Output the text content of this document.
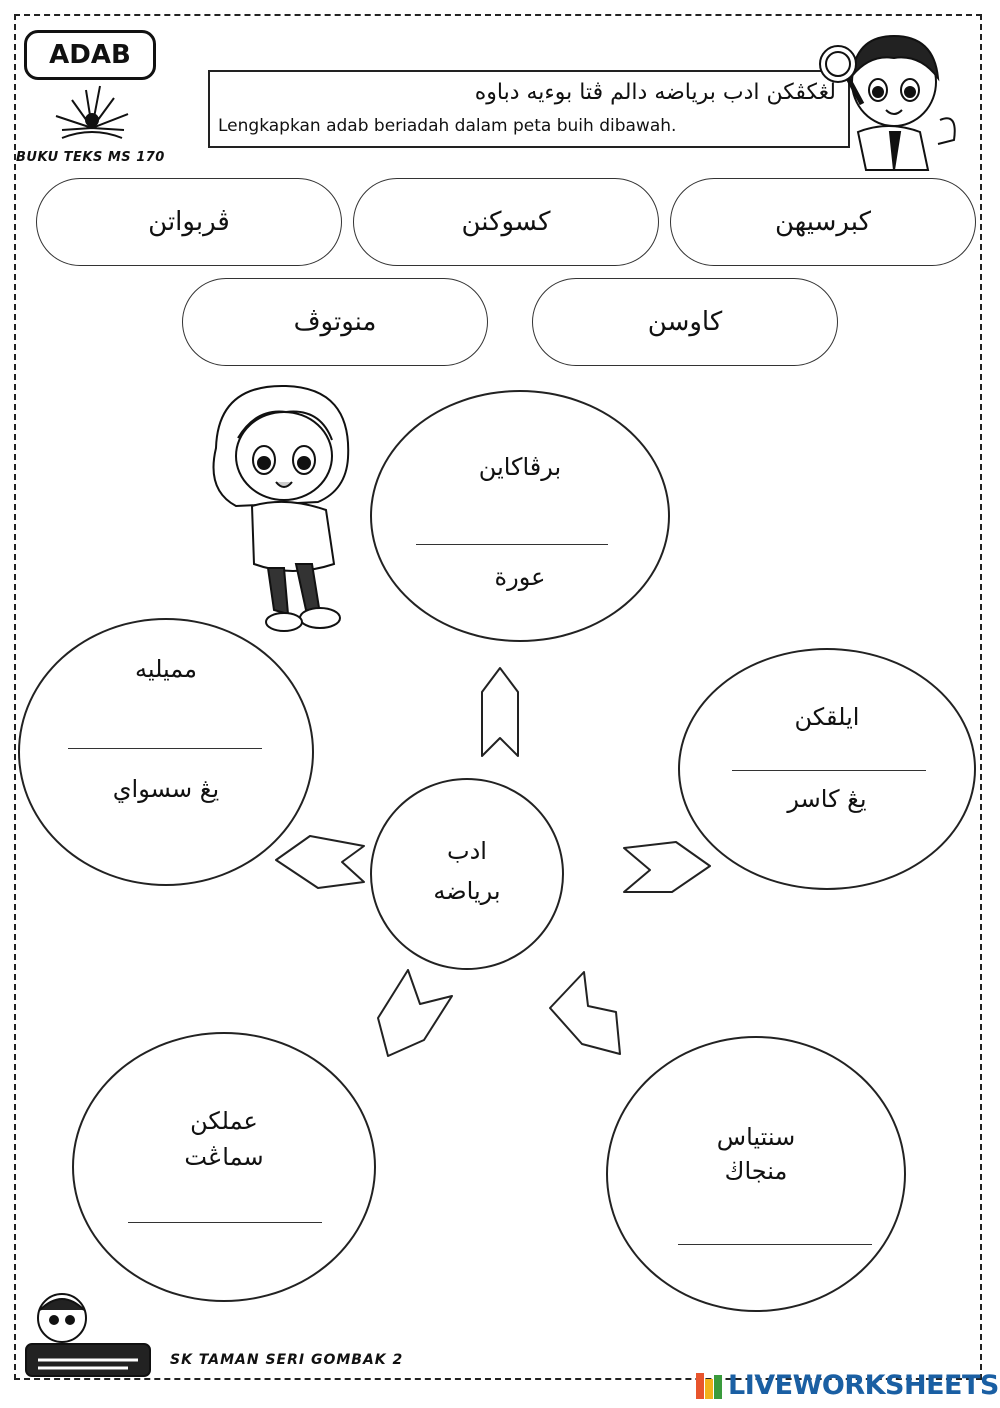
ADAB
BUKU TEKS MS 170
لڠكڤكن ادب برياضه دالم ڤتا بوءيه دباوه
Lengkapkan adab beriadah dalam peta buih dibawah.
كبرسيهن
كسوكنن
ڤربواتن
كاوسن
منوتوڤ
برڤاكاين
عورة
مميليه
يڠ سسواي
ايلقكن
يڠ كاسر
ادب
برياضه
عملكن
سماڠت
سنتياس
منجاڬ
SK TAMAN SERI GOMBAK 2
LIVEWORKSHEETS
